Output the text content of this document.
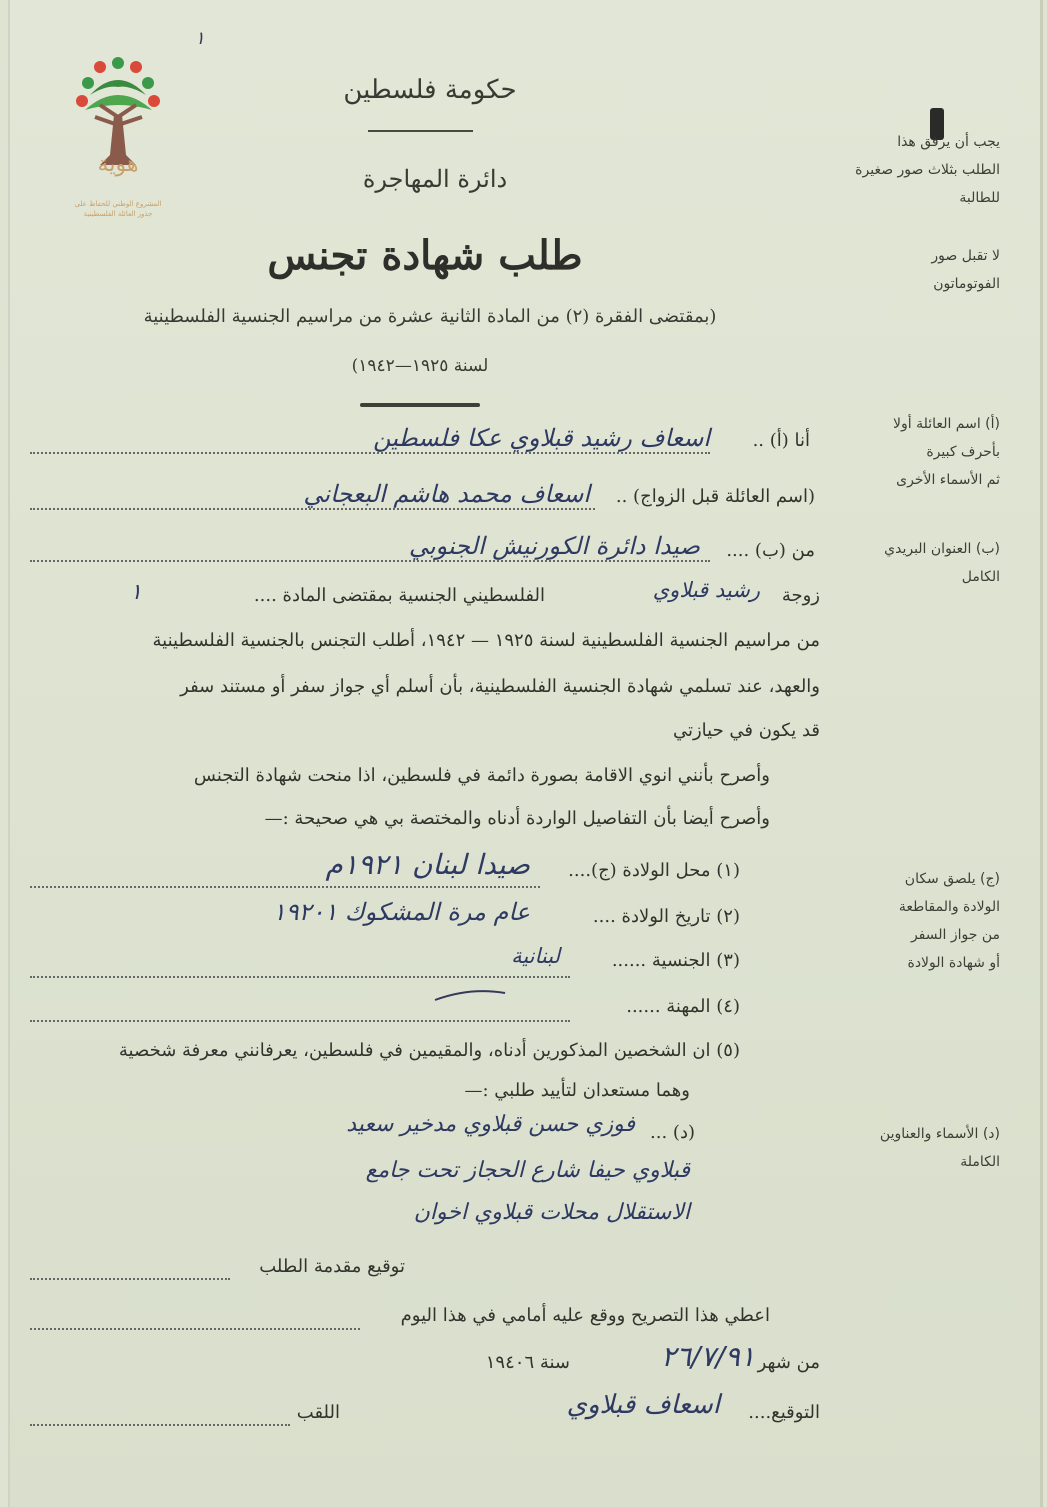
هوية
المشروع الوطني للحفاظ على
جذور العائلة الفلسطينية
١
حكومة فلسطين
دائرة المهاجرة
طلب شهادة تجنس
(بمقتضى الفقرة (٢) من المادة الثانية عشرة من مراسيم الجنسية الفلسطينية
لسنة ١٩٢٥—١٩٤٢)
يجب أن يرفق هذا
الطلب بثلاث صور صغيرة
للطالبة
لا تقبل صور
الفوتوماتون
(أ) اسم العائلة أولا
بأحرف كبيرة
ثم الأسماء الأخرى
(ب) العنوان البريدي
الكامل
(ج) يلصق سكان
الولادة والمقاطعة
من جواز السفر
أو شهادة الولادة
(د) الأسماء والعناوين
الكاملة
أنا (أ) ..
اسعاف رشيد قبلاوي عكا فلسطين
(اسم العائلة قبل الزواج) ..
اسعاف محمد هاشم البعجاني
من (ب) ....
صيدا دائرة الكورنيش الجنوبي
زوجة
رشيد قبلاوي
الفلسطيني الجنسية بمقتضى المادة ....
١
من مراسيم الجنسية الفلسطينية لسنة ١٩٢٥ — ١٩٤٢، أطلب التجنس بالجنسية الفلسطينية
والعهد، عند تسلمي شهادة الجنسية الفلسطينية، بأن أسلم أي جواز سفر أو مستند سفر
قد يكون في حيازتي
وأصرح بأنني انوي الاقامة بصورة دائمة في فلسطين، اذا منحت شهادة التجنس
وأصرح أيضا بأن التفاصيل الواردة أدناه والمختصة بي هي صحيحة :—
(١) محل الولادة (ج)....
صيدا لبنان ١٩٢١م
(٢) تاريخ الولادة ....
عام مرة المشكوك ١٩٢٠١
(٣) الجنسية ......
لبنانية
(٤) المهنة ......
(٥) ان الشخصين المذكورين أدناه، والمقيمين في فلسطين، يعرفانني معرفة شخصية
وهما مستعدان لتأييد طلبي :—
(د) ...
فوزي حسن قبلاوي مدخير سعيد
قبلاوي حيفا شارع الحجاز تحت جامع
الاستقلال محلات قبلاوي اخوان
توقيع مقدمة الطلب
اعطي هذا التصريح ووقع عليه أمامي في هذا اليوم
من شهر
٢٦/٧/٩١
سنة ١٩٤٠٦
التوقيع....
اسعاف قبلاوي
اللقب
